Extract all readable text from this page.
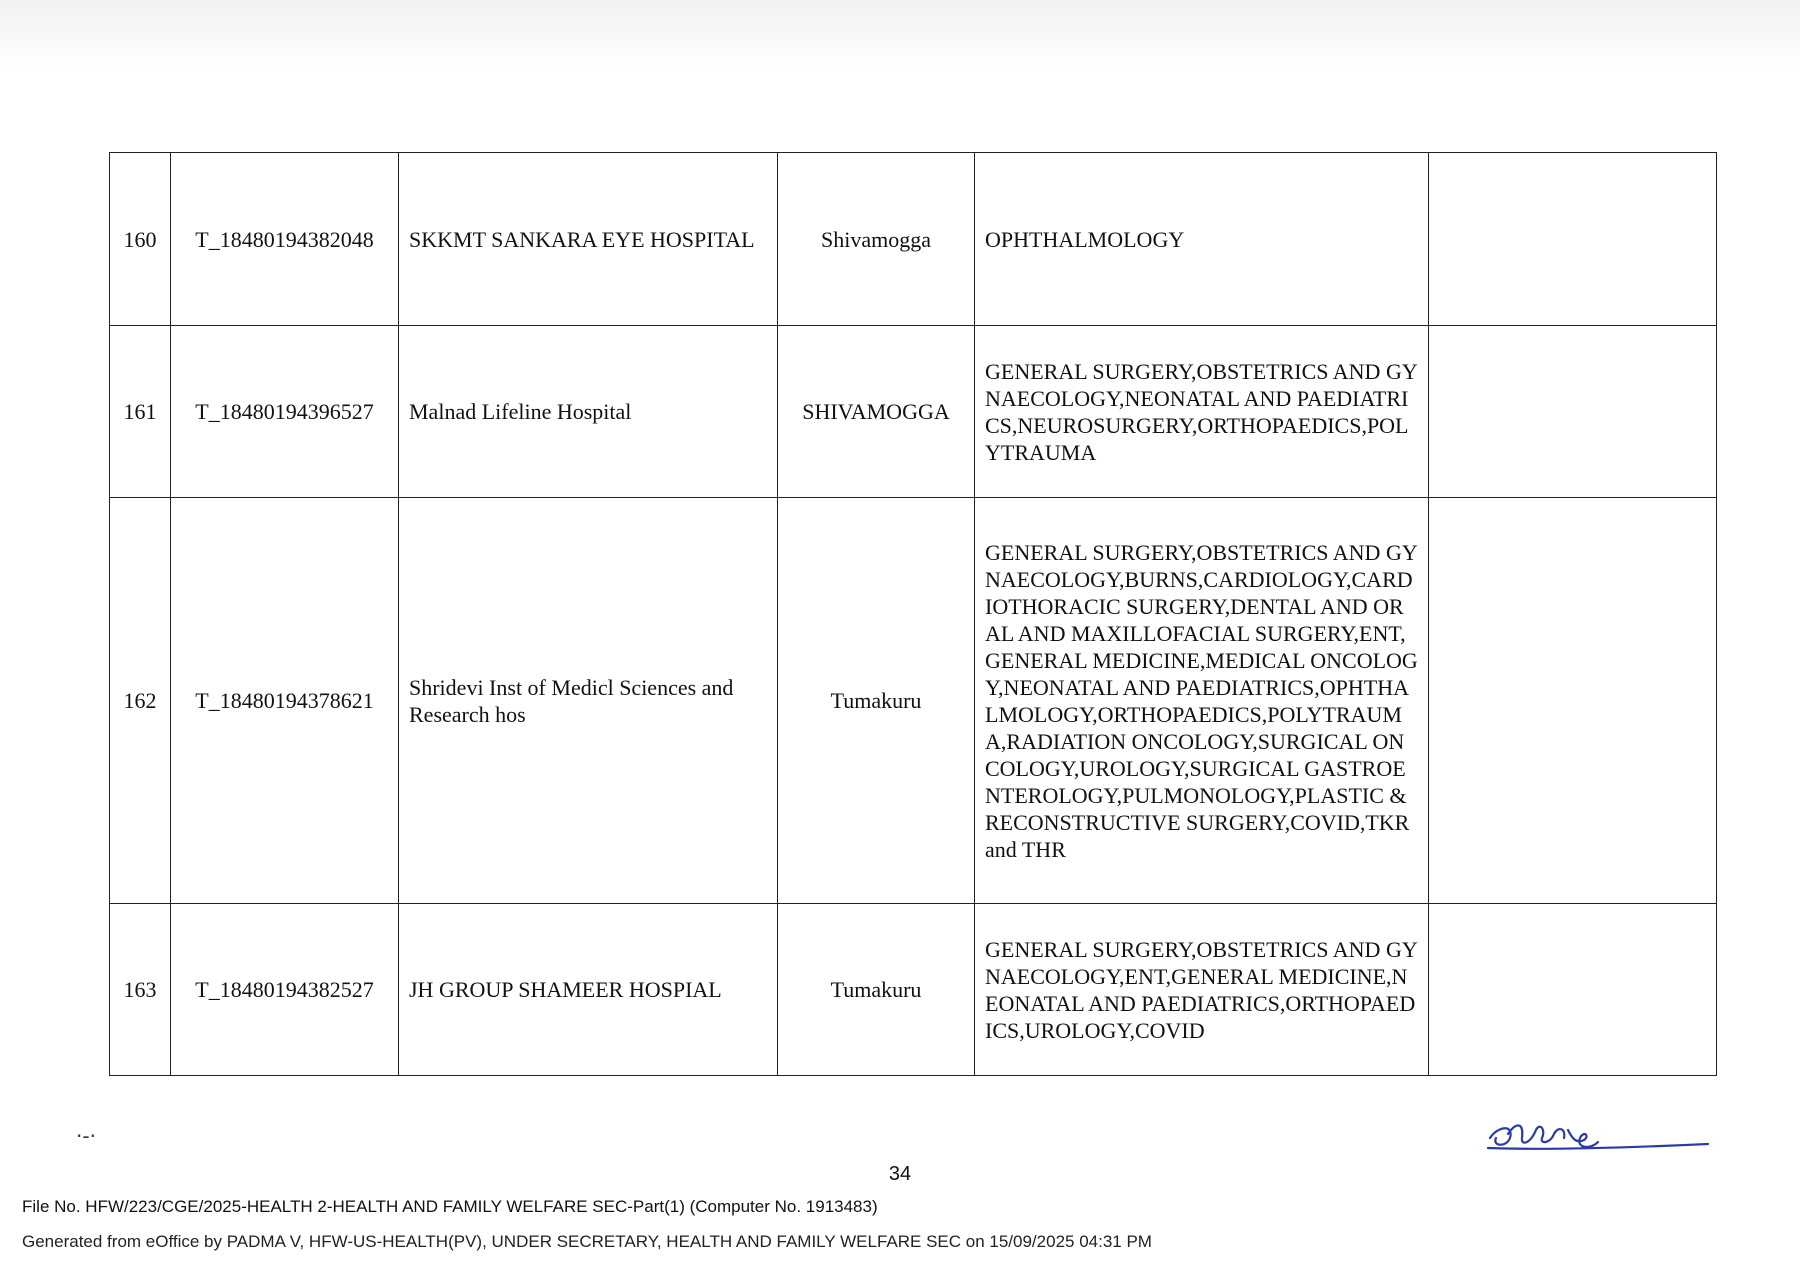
160	T_18480194382048	SKKMT SANKARA EYE HOSPITAL	Shivamogga	OPHTHALMOLOGY	
161	T_18480194396527	Malnad Lifeline Hospital	SHIVAMOGGA	GENERAL SURGERY,OBSTETRICS AND GYNAECOLOGY,NEONATAL AND PAEDIATRICS,NEUROSURGERY,ORTHOPAEDICS,POLYTRAUMA	
162	T_18480194378621	Shridevi Inst of Medicl Sciences and Research hos	Tumakuru	GENERAL SURGERY,OBSTETRICS AND GYNAECOLOGY,BURNS,CARDIOLOGY,CARDIOTHORACIC SURGERY,DENTAL AND ORAL AND MAXILLOFACIAL SURGERY,ENT,GENERAL MEDICINE,MEDICAL ONCOLOGY,NEONATAL AND PAEDIATRICS,OPHTHALMOLOGY,ORTHOPAEDICS,POLYTRAUMA,RADIATION ONCOLOGY,SURGICAL ONCOLOGY,UROLOGY,SURGICAL GASTROENTEROLOGY,PULMONOLOGY,PLASTIC & RECONSTRUCTIVE SURGERY,COVID,TKR and THR	
163	T_18480194382527	JH GROUP SHAMEER HOSPIAL	Tumakuru	GENERAL SURGERY,OBSTETRICS AND GYNAECOLOGY,ENT,GENERAL MEDICINE,NEONATAL AND PAEDIATRICS,ORTHOPAEDICS,UROLOGY,COVID	
·-·
34
File No. HFW/223/CGE/2025-HEALTH 2-HEALTH AND FAMILY WELFARE SEC-Part(1) (Computer No. 1913483)
Generated from eOffice by PADMA V, HFW-US-HEALTH(PV), UNDER SECRETARY, HEALTH AND FAMILY WELFARE SEC on 15/09/2025 04:31 PM
